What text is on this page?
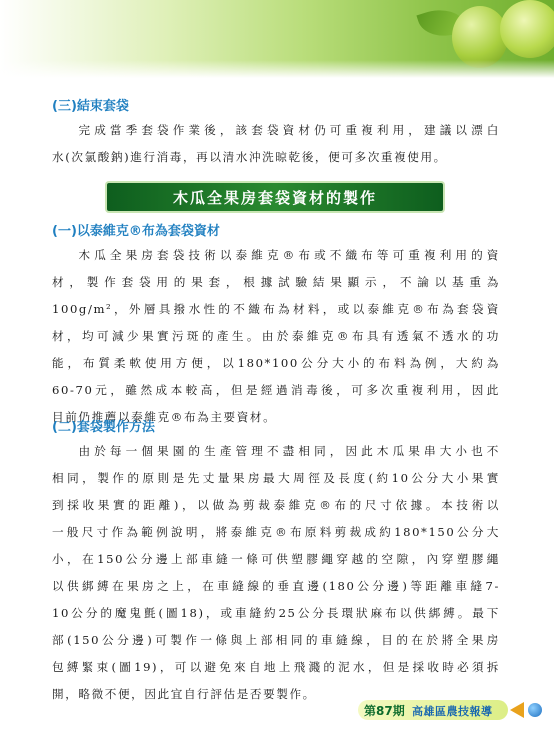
(三)結束套袋
完成當季套袋作業後，該套袋資材仍可重複利用，建議以漂白
水(次氯酸鈉)進行消毒，再以清水沖洗晾乾後，便可多次重複使用。
木瓜全果房套袋資材的製作
(一)以泰維克®布為套袋資材
木瓜全果房套袋技術以泰維克®布或不織布等可重複利用的資
材，製作套袋用的果套，根據試驗結果顯示，不論以基重為
100g/m²，外層具撥水性的不織布為材料，或以泰維克®布為套袋資
材，均可減少果實污斑的產生。由於泰維克®布具有透氣不透水的功
能，布質柔軟使用方便，以180*100公分大小的布料為例，大約為
60-70元，雖然成本較高，但是經過消毒後，可多次重複利用，因此
目前仍推薦以泰維克®布為主要資材。
(二)套袋製作方法
由於每一個果園的生產管理不盡相同，因此木瓜果串大小也不
相同，製作的原則是先丈量果房最大周徑及長度(約10公分大小果實
到採收果實的距離)，以做為剪裁泰維克®布的尺寸依據。本技術以
一般尺寸作為範例說明，將泰維克®布原料剪裁成約180*150公分大
小，在150公分邊上部車縫一條可供塑膠繩穿越的空隙，內穿塑膠繩
以供綁縛在果房之上，在車縫線的垂直邊(180公分邊)等距離車縫7-
10公分的魔鬼氈(圖18)，或車縫約25公分長環狀麻布以供綁縛。最下
部(150公分邊)可製作一條與上部相同的車縫線，目的在於將全果房
包縛緊束(圖19)，可以避免來自地上飛濺的泥水，但是採收時必須拆
開，略微不便，因此宜自行評估是否要製作。
第87期 高雄區農技報導
